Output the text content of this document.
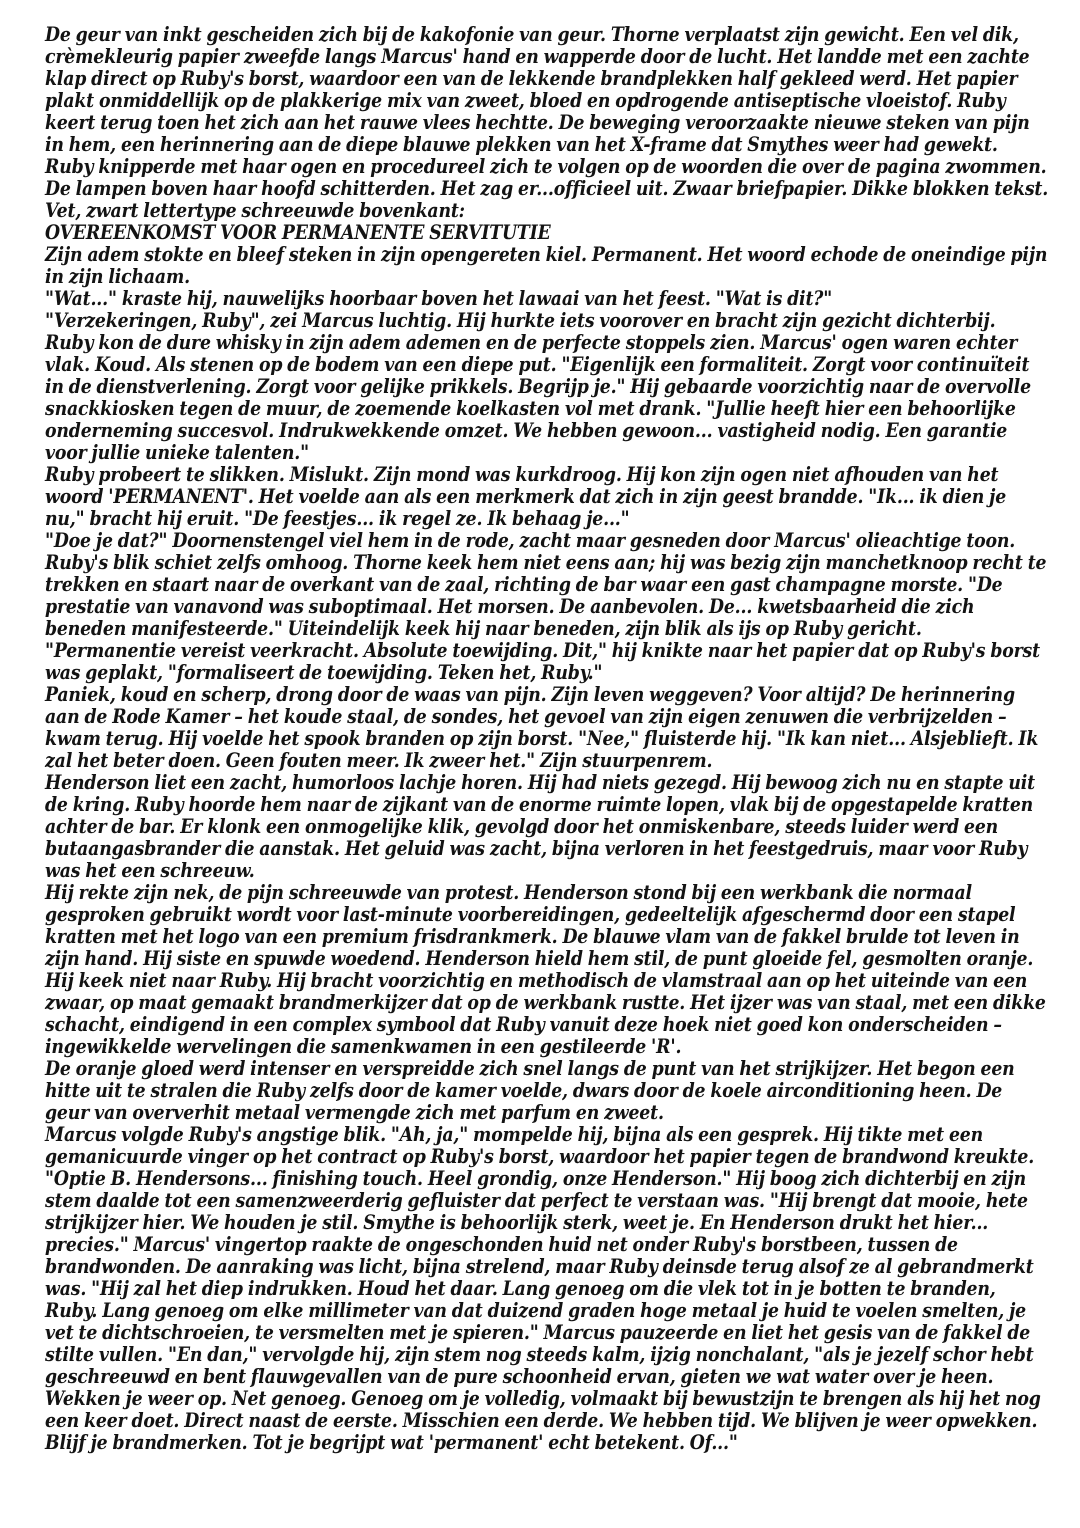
De geur van inkt gescheiden zich bij de kakofonie van geur. Thorne verplaatst zijn gewicht. Een vel dik, crèmekleurig papier zweefde langs Marcus' hand en wapperde door de lucht. Het landde met een zachte klap direct op Ruby's borst, waardoor een van de lekkende brandplekken half gekleed werd. Het papier plakt onmiddellijk op de plakkerige mix van zweet, bloed en opdrogende antiseptische vloeistof. Ruby keert terug toen het zich aan het rauwe vlees hechtte. De beweging veroorzaakte nieuwe steken van pijn in hem, een herinnering aan de diepe blauwe plekken van het X-frame dat Smythes weer had gewekt.

Ruby knipperde met haar ogen en procedureel zich te volgen op de woorden die over de pagina zwommen. De lampen boven haar hoofd schitterden. Het zag er...officieel uit. Zwaar briefpapier. Dikke blokken tekst. Vet, zwart lettertype schreeuwde bovenkant:

OVEREENKOMST VOOR PERMANENTE SERVITUTIE

Zijn adem stokte en bleef steken in zijn opengereten kiel. Permanent. Het woord echode de oneindige pijn in zijn lichaam.

"Wat..." kraste hij, nauwelijks hoorbaar boven het lawaai van het feest. "Wat is dit?"

"Verzekeringen, Ruby", zei Marcus luchtig. Hij hurkte iets voorover en bracht zijn gezicht dichterbij. Ruby kon de dure whisky in zijn adem ademen en de perfecte stoppels zien. Marcus' ogen waren echter vlak. Koud. Als stenen op de bodem van een diepe put. "Eigenlijk een formaliteit. Zorgt voor continuïteit in de dienstverlening. Zorgt voor gelijke prikkels. Begrijp je." Hij gebaarde voorzichtig naar de overvolle snackkiosken tegen de muur, de zoemende koelkasten vol met drank. "Jullie heeft hier een behoorlijke onderneming succesvol. Indrukwekkende omzet. We hebben gewoon... vastigheid nodig. Een garantie voor jullie unieke talenten."

Ruby probeert te slikken. Mislukt. Zijn mond was kurkdroog. Hij kon zijn ogen niet afhouden van het woord 'PERMANENT'. Het voelde aan als een merkmerk dat zich in zijn geest brandde. "Ik... ik dien je nu," bracht hij eruit. "De feestjes... ik regel ze. Ik behaag je..."

"Doe je dat?" Doornenstengel viel hem in de rode, zacht maar gesneden door Marcus' olieachtige toon. Ruby's blik schiet zelfs omhoog. Thorne keek hem niet eens aan; hij was bezig zijn manchetknoop recht te trekken en staart naar de overkant van de zaal, richting de bar waar een gast champagne morste. "De prestatie van vanavond was suboptimaal. Het morsen. De aanbevolen. De... kwetsbaarheid die zich beneden manifesteerde." Uiteindelijk keek hij naar beneden, zijn blik als ijs op Ruby gericht. "Permanentie vereist veerkracht. Absolute toewijding. Dit," hij knikte naar het papier dat op Ruby's borst was geplakt, "formaliseert de toewijding. Teken het, Ruby."

Paniek, koud en scherp, drong door de waas van pijn. Zijn leven weggeven? Voor altijd? De herinnering aan de Rode Kamer – het koude staal, de sondes, het gevoel van zijn eigen zenuwen die verbrijzelden – kwam terug. Hij voelde het spook branden op zijn borst. "Nee," fluisterde hij. "Ik kan niet... Alsjeblieft. Ik zal het beter doen. Geen fouten meer. Ik zweer het." Zijn stuurpenrem.

Henderson liet een zacht, humorloos lachje horen. Hij had niets gezegd. Hij bewoog zich nu en stapte uit de kring. Ruby hoorde hem naar de zijkant van de enorme ruimte lopen, vlak bij de opgestapelde kratten achter de bar. Er klonk een onmogelijke klik, gevolgd door het onmiskenbare, steeds luider werd een butaangasbrander die aanstak. Het geluid was zacht, bijna verloren in het feestgedruis, maar voor Ruby was het een schreeuw.

Hij rekte zijn nek, de pijn schreeuwde van protest. Henderson stond bij een werkbank die normaal gesproken gebruikt wordt voor last-minute voorbereidingen, gedeeltelijk afgeschermd door een stapel kratten met het logo van een premium frisdrankmerk. De blauwe vlam van de fakkel brulde tot leven in zijn hand. Hij siste en spuwde woedend. Henderson hield hem stil, de punt gloeide fel, gesmolten oranje. Hij keek niet naar Ruby. Hij bracht voorzichtig en methodisch de vlamstraal aan op het uiteinde van een zwaar, op maat gemaakt brandmerkijzer dat op de werkbank rustte. Het ijzer was van staal, met een dikke schacht, eindigend in een complex symbool dat Ruby vanuit deze hoek niet goed kon onderscheiden – ingewikkelde wervelingen die samenkwamen in een gestileerde 'R'.

De oranje gloed werd intenser en verspreidde zich snel langs de punt van het strijkijzer. Het begon een hitte uit te stralen die Ruby zelfs door de kamer voelde, dwars door de koele airconditioning heen. De geur van oververhit metaal vermengde zich met parfum en zweet.

Marcus volgde Ruby's angstige blik. "Ah, ja," mompelde hij, bijna als een gesprek. Hij tikte met een gemanicuurde vinger op het contract op Ruby's borst, waardoor het papier tegen de brandwond kreukte. "Optie B. Hendersons... finishing touch. Heel grondig, onze Henderson." Hij boog zich dichterbij en zijn stem daalde tot een samenzweerderig gefluister dat perfect te verstaan was. "Hij brengt dat mooie, hete strijkijzer hier. We houden je stil. Smythe is behoorlijk sterk, weet je. En Henderson drukt het hier... precies." Marcus' vingertop raakte de ongeschonden huid net onder Ruby's borstbeen, tussen de brandwonden. De aanraking was licht, bijna strelend, maar Ruby deinsde terug alsof ze al gebrandmerkt was. "Hij zal het diep indrukken. Houd het daar. Lang genoeg om die vlek tot in je botten te branden, Ruby. Lang genoeg om elke millimeter van dat duizend graden hoge metaal je huid te voelen smelten, je vet te dichtschroeien, te versmelten met je spieren." Marcus pauzeerde en liet het gesis van de fakkel de stilte vullen. "En dan," vervolgde hij, zijn stem nog steeds kalm, ijzig nonchalant, "als je jezelf schor hebt geschreeuwd en bent flauwgevallen van de pure schoonheid ervan, gieten we wat water over je heen. Wekken je weer op. Net genoeg. Genoeg om je volledig, volmaakt bij bewustzijn te brengen als hij het nog een keer doet. Direct naast de eerste. Misschien een derde. We hebben tijd. We blijven je weer opwekken. Blijf je brandmerken. Tot je begrijpt wat 'permanent' echt betekent. Of..."
